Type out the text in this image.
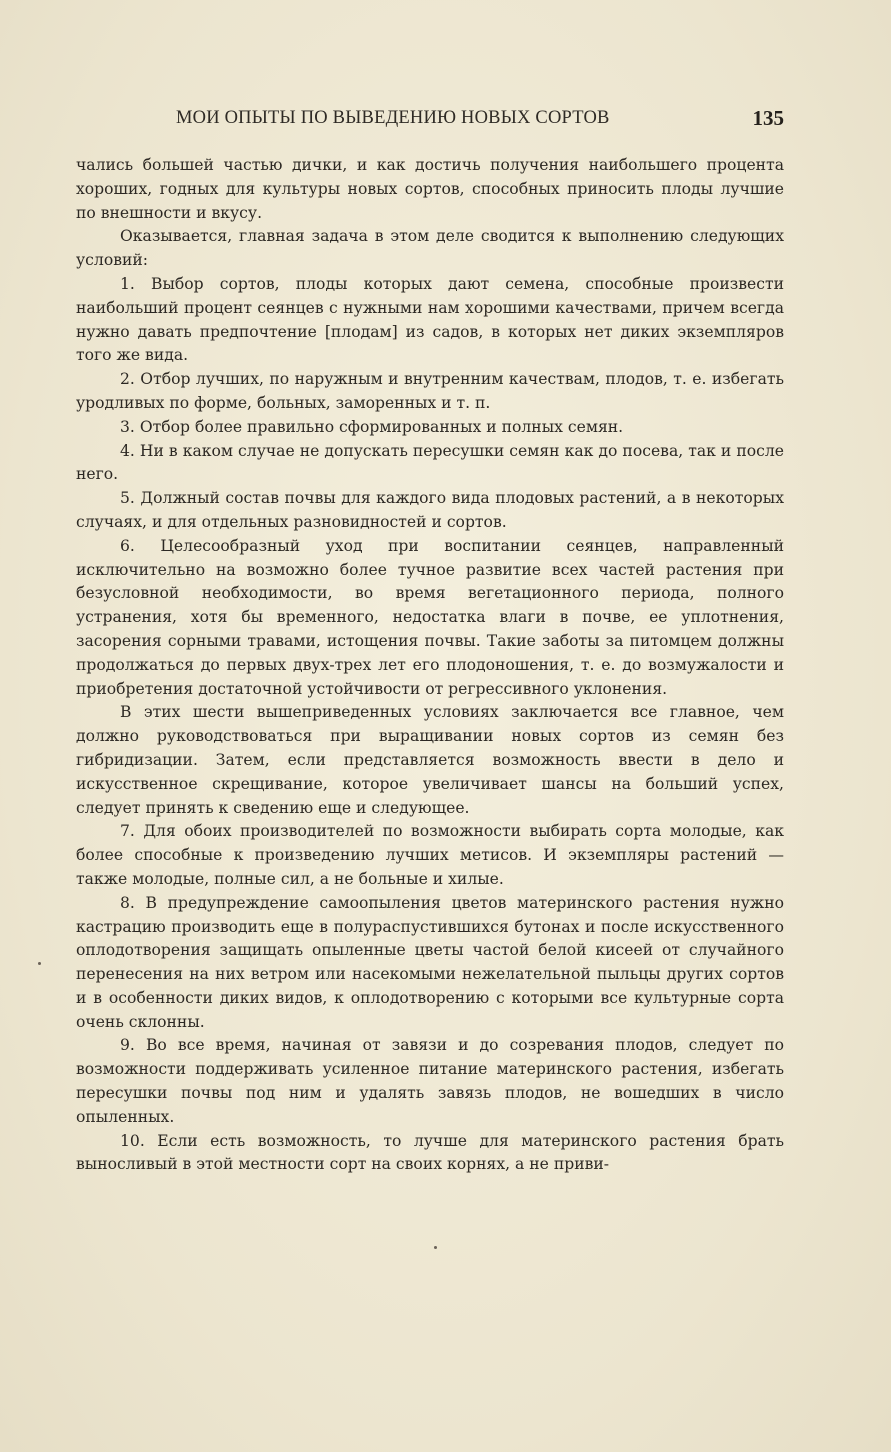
МОИ ОПЫТЫ ПО ВЫВЕДЕНИЮ НОВЫХ СОРТОВ	135

чались большей частью дички, и как достичь получения наибольшего процента хороших, годных для культуры новых сортов, способных приносить плоды лучшие по внешности и вкусу.

Оказывается, главная задача в этом деле сводится к выполнению следующих условий:

1. Выбор сортов, плоды которых дают семена, способные произвести наибольший процент сеянцев с нужными нам хорошими качествами, причем всегда нужно давать предпочтение [плодам] из садов, в которых нет диких экземпляров того же вида.

2. Отбор лучших, по наружным и внутренним качествам, плодов, т. е. избегать уродливых по форме, больных, заморенных и т. п.

3. Отбор более правильно сформированных и полных семян.

4. Ни в каком случае не допускать пересушки семян как до посева, так и после него.

5. Должный состав почвы для каждого вида плодовых растений, а в некоторых случаях, и для отдельных разновидностей и сортов.

6. Целесообразный уход при воспитании сеянцев, направленный исключительно на возможно более тучное развитие всех частей растения при безусловной необходимости, во время вегетационного периода, полного устранения, хотя бы временного, недостатка влаги в почве, ее уплотнения, засорения сорными травами, истощения почвы. Такие заботы за питомцем должны продолжаться до первых двух-трех лет его плодоношения, т. е. до возмужалости и приобретения достаточной устойчивости от регрессивного уклонения.

В этих шести вышеприведенных условиях заключается все главное, чем должно руководствоваться при выращивании новых сортов из семян без гибридизации. Затем, если представляется возможность ввести в дело и искусственное скрещивание, которое увеличивает шансы на больший успех, следует принять к сведению еще и следующее.

7. Для обоих производителей по возможности выбирать сорта молодые, как более способные к произведению лучших метисов. И экземпляры растений — также молодые, полные сил, а не больные и хилые.

8. В предупреждение самоопыления цветов материнского растения нужно кастрацию производить еще в полураспустившихся бутонах и после искусственного оплодотворения защищать опыленные цветы частой белой кисеей от случайного перенесения на них ветром или насекомыми нежелательной пыльцы других сортов и в особенности диких видов, к оплодотворению с которыми все культурные сорта очень склонны.

9. Во все время, начиная от завязи и до созревания плодов, следует по возможности поддерживать усиленное питание материнского растения, избегать пересушки почвы под ним и удалять завязь плодов, не вошедших в число опыленных.

10. Если есть возможность, то лучше для материнского растения брать выносливый в этой местности сорт на своих корнях, а не приви-
